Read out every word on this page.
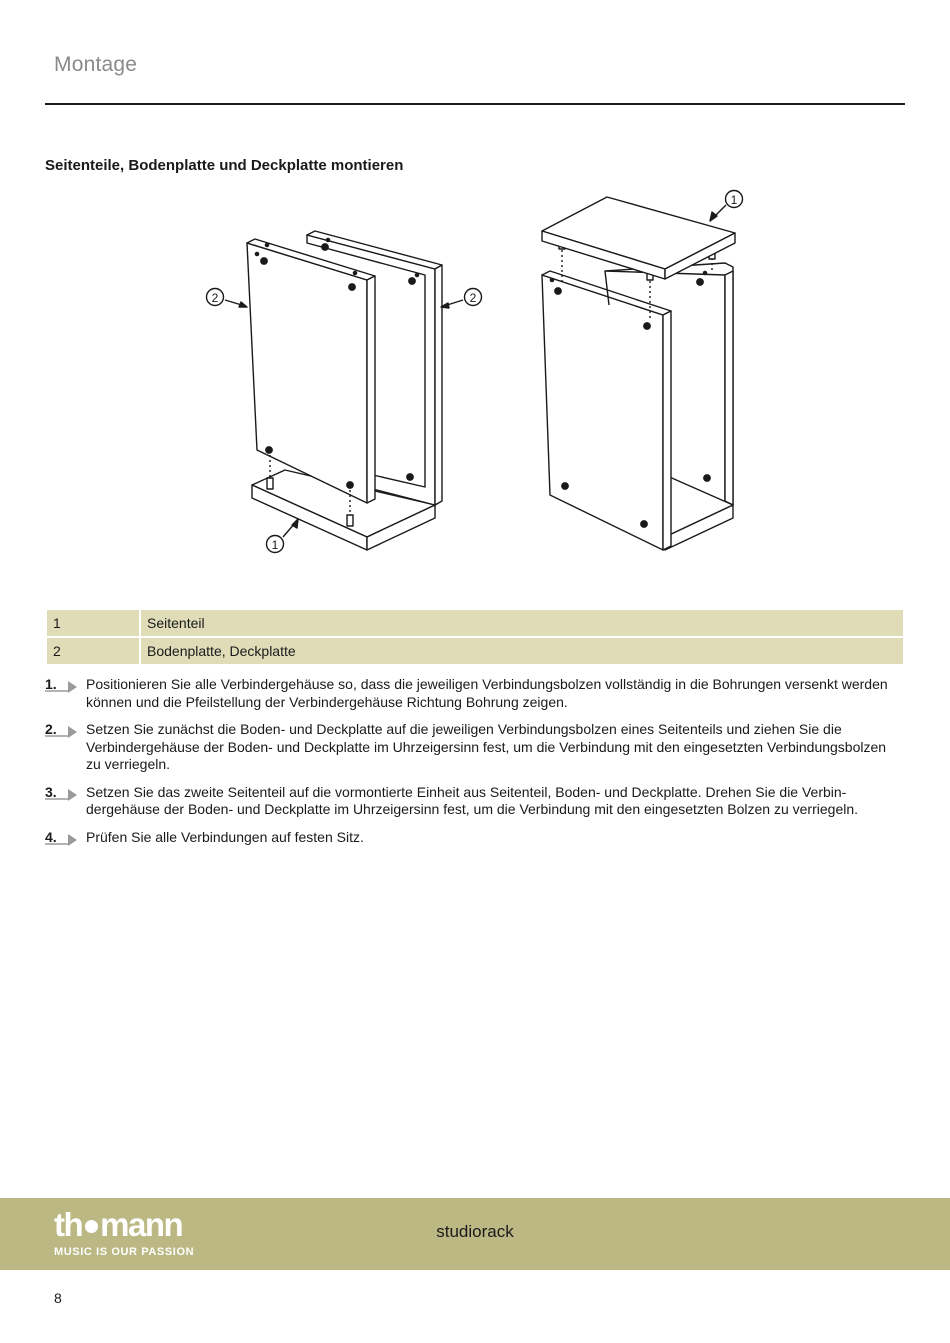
Montage
Seitenteile, Bodenplatte und Deckplatte montieren
2	2
1
1
1	Seitenteil
2	Bodenplatte, Deckplatte
1. Positionieren Sie alle Verbindergehäuse so, dass die jeweiligen Verbindungsbolzen vollständig in die Bohrungen versenkt werden können und die Pfeilstellung der Verbindergehäuse Richtung Bohrung zeigen.
2. Setzen Sie zunächst die Boden- und Deckplatte auf die jeweiligen Verbindungsbolzen eines Seitenteils und ziehen Sie die Verbindergehäuse der Boden- und Deckplatte im Uhrzeigersinn fest, um die Verbindung mit den eingesetzten Verbindungsbolzen zu verriegeln.
3. Setzen Sie das zweite Seitenteil auf die vormontierte Einheit aus Seitenteil, Boden- und Deckplatte. Drehen Sie die Verbindergehäuse der Boden- und Deckplatte im Uhrzeigersinn fest, um die Verbindung mit den eingesetzten Bolzen zu verriegeln.
4. Prüfen Sie alle Verbindungen auf festen Sitz.
th mann
MUSIC IS OUR PASSION
studiorack
8
